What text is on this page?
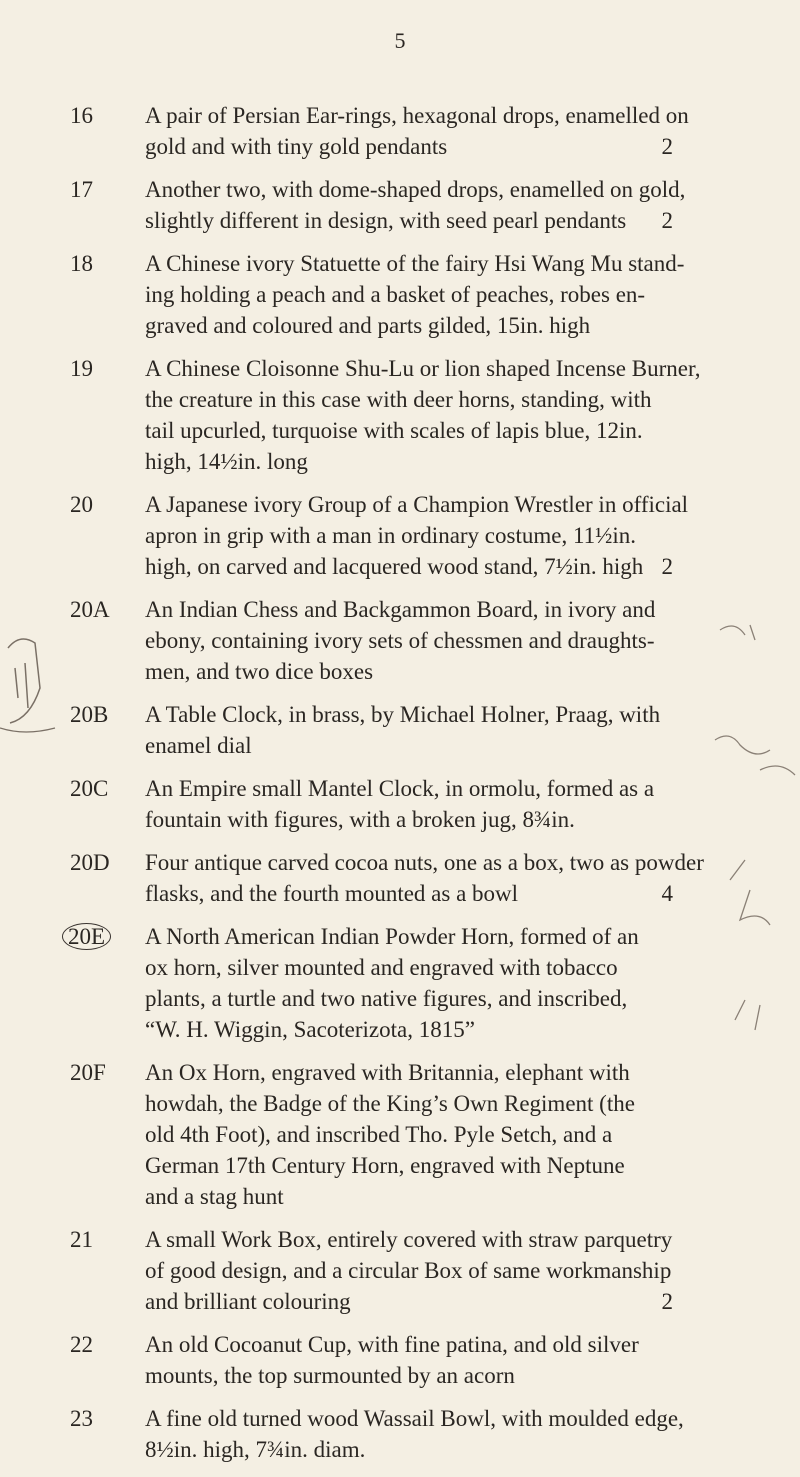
5
16	A pair of Persian Ear-rings, hexagonal drops, enamelled on
gold and with tiny gold pendants	2
17	Another two, with dome-shaped drops, enamelled on gold,
slightly different in design, with seed pearl pendants 2
18	A Chinese ivory Statuette of the fairy Hsi Wang Mu stand-
ing holding a peach and a basket of peaches, robes en-
graved and coloured and parts gilded, 15in. high
19	A Chinese Cloisonne Shu-Lu or lion shaped Incense Burner,
the creature in this case with deer horns, standing, with
tail upcurled, turquoise with scales of lapis blue, 12in.
high, 14½in. long
20	A Japanese ivory Group of a Champion Wrestler in official
apron in grip with a man in ordinary costume, 11½in.
high, on carved and lacquered wood stand, 7½in. high 2
20A	An Indian Chess and Backgammon Board, in ivory and
ebony, containing ivory sets of chessmen and draughts-
men, and two dice boxes
20B	A Table Clock, in brass, by Michael Holner, Praag, with
enamel dial
20C	An Empire small Mantel Clock, in ormolu, formed as a
fountain with figures, with a broken jug, 8¾in.
20D	Four antique carved cocoa nuts, one as a box, two as powder
flasks, and the fourth mounted as a bowl	4
20E	A North American Indian Powder Horn, formed of an
ox horn, silver mounted and engraved with tobacco
plants, a turtle and two native figures, and inscribed,
“W. H. Wiggin, Sacoterizota, 1815”
20F	An Ox Horn, engraved with Britannia, elephant with
howdah, the Badge of the King’s Own Regiment (the
old 4th Foot), and inscribed Tho. Pyle Setch, and a
German 17th Century Horn, engraved with Neptune
and a stag hunt
21	A small Work Box, entirely covered with straw parquetry
of good design, and a circular Box of same workmanship
and brilliant colouring	2
22	An old Cocoanut Cup, with fine patina, and old silver
mounts, the top surmounted by an acorn
23	A fine old turned wood Wassail Bowl, with moulded edge,
8½in. high, 7¾in. diam.
